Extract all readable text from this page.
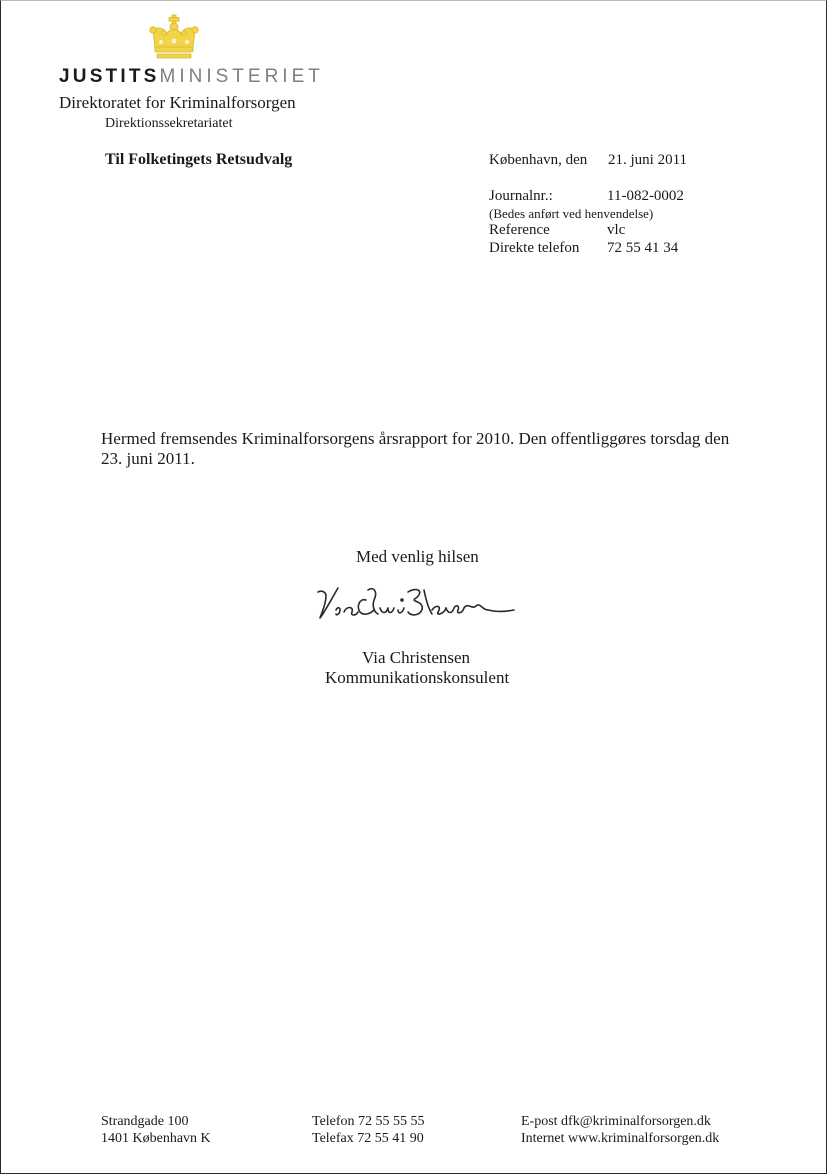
JUSTITSMINISTERIET
Direktoratet for Kriminalforsorgen
Direktionssekretariatet
Til Folketingets Retsudvalg	København, den 21. juni 2011
Journalnr.:	11-082-0002
(Bedes anført ved henvendelse)
Reference	vlc
Direkte telefon 72 55 41 34
Hermed fremsendes Kriminalforsorgens årsrapport for 2010. Den offentliggøres torsdag den
23. juni 2011.
Med venlig hilsen
Via Christensen
Kommunikationskonsulent
Strandgade 100
1401 København K
Telefon 72 55 55 55
Telefax 72 55 41 90
E-post dfk@kriminalforsorgen.dk
Internet www.kriminalforsorgen.dk
